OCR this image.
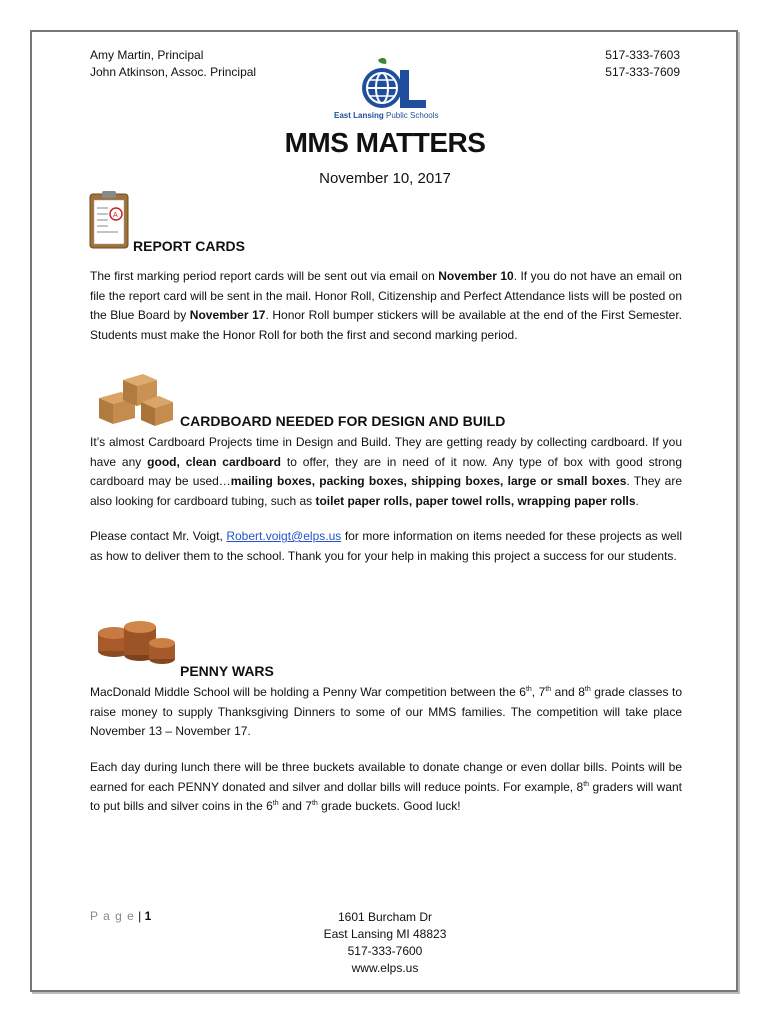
Amy Martin, Principal
John Atkinson, Assoc. Principal
517-333-7603
517-333-7609
East Lansing Public Schools
MMS MATTERS
November 10, 2017
A
REPORT CARDS
The first marking period report cards will be sent out via email on November 10. If you do not have an email on file the report card will be sent in the mail. Honor Roll, Citizenship and Perfect Attendance lists will be posted on the Blue Board by November 17. Honor Roll bumper stickers will be available at the end of the First Semester. Students must make the Honor Roll for both the first and second marking period.
CARDBOARD NEEDED FOR DESIGN AND BUILD
It’s almost Cardboard Projects time in Design and Build. They are getting ready by collecting cardboard. If you have any good, clean cardboard to offer, they are in need of it now. Any type of box with good strong cardboard may be used…mailing boxes, packing boxes, shipping boxes, large or small boxes. They are also looking for cardboard tubing, such as toilet paper rolls, paper towel rolls, wrapping paper rolls.
Please contact Mr. Voigt, Robert.voigt@elps.us for more information on items needed for these projects as well as how to deliver them to the school. Thank you for your help in making this project a success for our students.
PENNY WARS
MacDonald Middle School will be holding a Penny War competition between the 6th, 7th and 8th grade classes to raise money to supply Thanksgiving Dinners to some of our MMS families. The competition will take place November 13 – November 17.
Each day during lunch there will be three buckets available to donate change or even dollar bills. Points will be earned for each PENNY donated and silver and dollar bills will reduce points. For example, 8th graders will want to put bills and silver coins in the 6th and 7th grade buckets. Good luck!
P a g e | 1	1601 Burcham Dr
East Lansing MI 48823
517-333-7600
www.elps.us
